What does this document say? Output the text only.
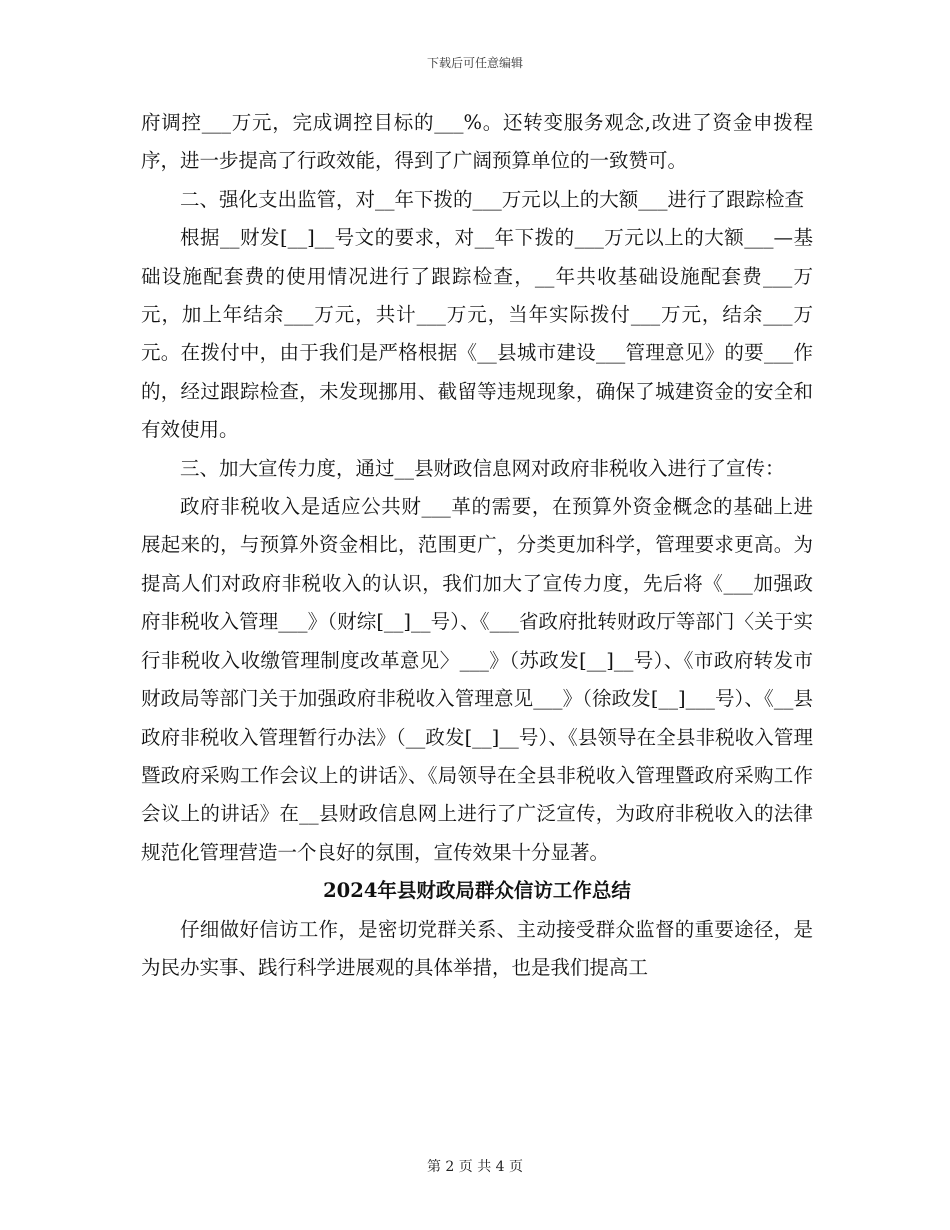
下载后可任意编辑

府调控___万元，完成调控目标的___%。还转变服务观念,改进了资金申拨程序，进一步提高了行政效能，得到了广阔预算单位的一致赞可。

二、强化支出监管，对__年下拨的___万元以上的大额___进行了跟踪检查

根据__财发[__]__号文的要求，对__年下拨的___万元以上的大额___—基础设施配套费的使用情况进行了跟踪检查，__年共收基础设施配套费___万元，加上年结余___万元，共计___万元，当年实际拨付___万元，结余___万元。在拨付中，由于我们是严格根据《__县城市建设___管理意见》的要___作的，经过跟踪检查，未发现挪用、截留等违规现象，确保了城建资金的安全和有效使用。

三、加大宣传力度，通过__县财政信息网对政府非税收入进行了宣传：

政府非税收入是适应公共财___革的需要，在预算外资金概念的基础上进展起来的，与预算外资金相比，范围更广，分类更加科学，管理要求更高。为提高人们对政府非税收入的认识，我们加大了宣传力度，先后将《___加强政府非税收入管理___》（财综[__]__号）、《___省政府批转财政厅等部门〈关于实行非税收入收缴管理制度改革意见〉___》（苏政发[__]__号）、《市政府转发市财政局等部门关于加强政府非税收入管理意见___》（徐政发[__]___号）、《__县政府非税收入管理暂行办法》（__政发[__]__号）、《县领导在全县非税收入管理暨政府采购工作会议上的讲话》、《局领导在全县非税收入管理暨政府采购工作会议上的讲话》在__县财政信息网上进行了广泛宣传，为政府非税收入的法律规范化管理营造一个良好的氛围，宣传效果十分显著。

2024年县财政局群众信访工作总结

仔细做好信访工作，是密切党群关系、主动接受群众监督的重要途径，是为民办实事、践行科学进展观的具体举措，也是我们提高工

第 2 页 共 4 页
